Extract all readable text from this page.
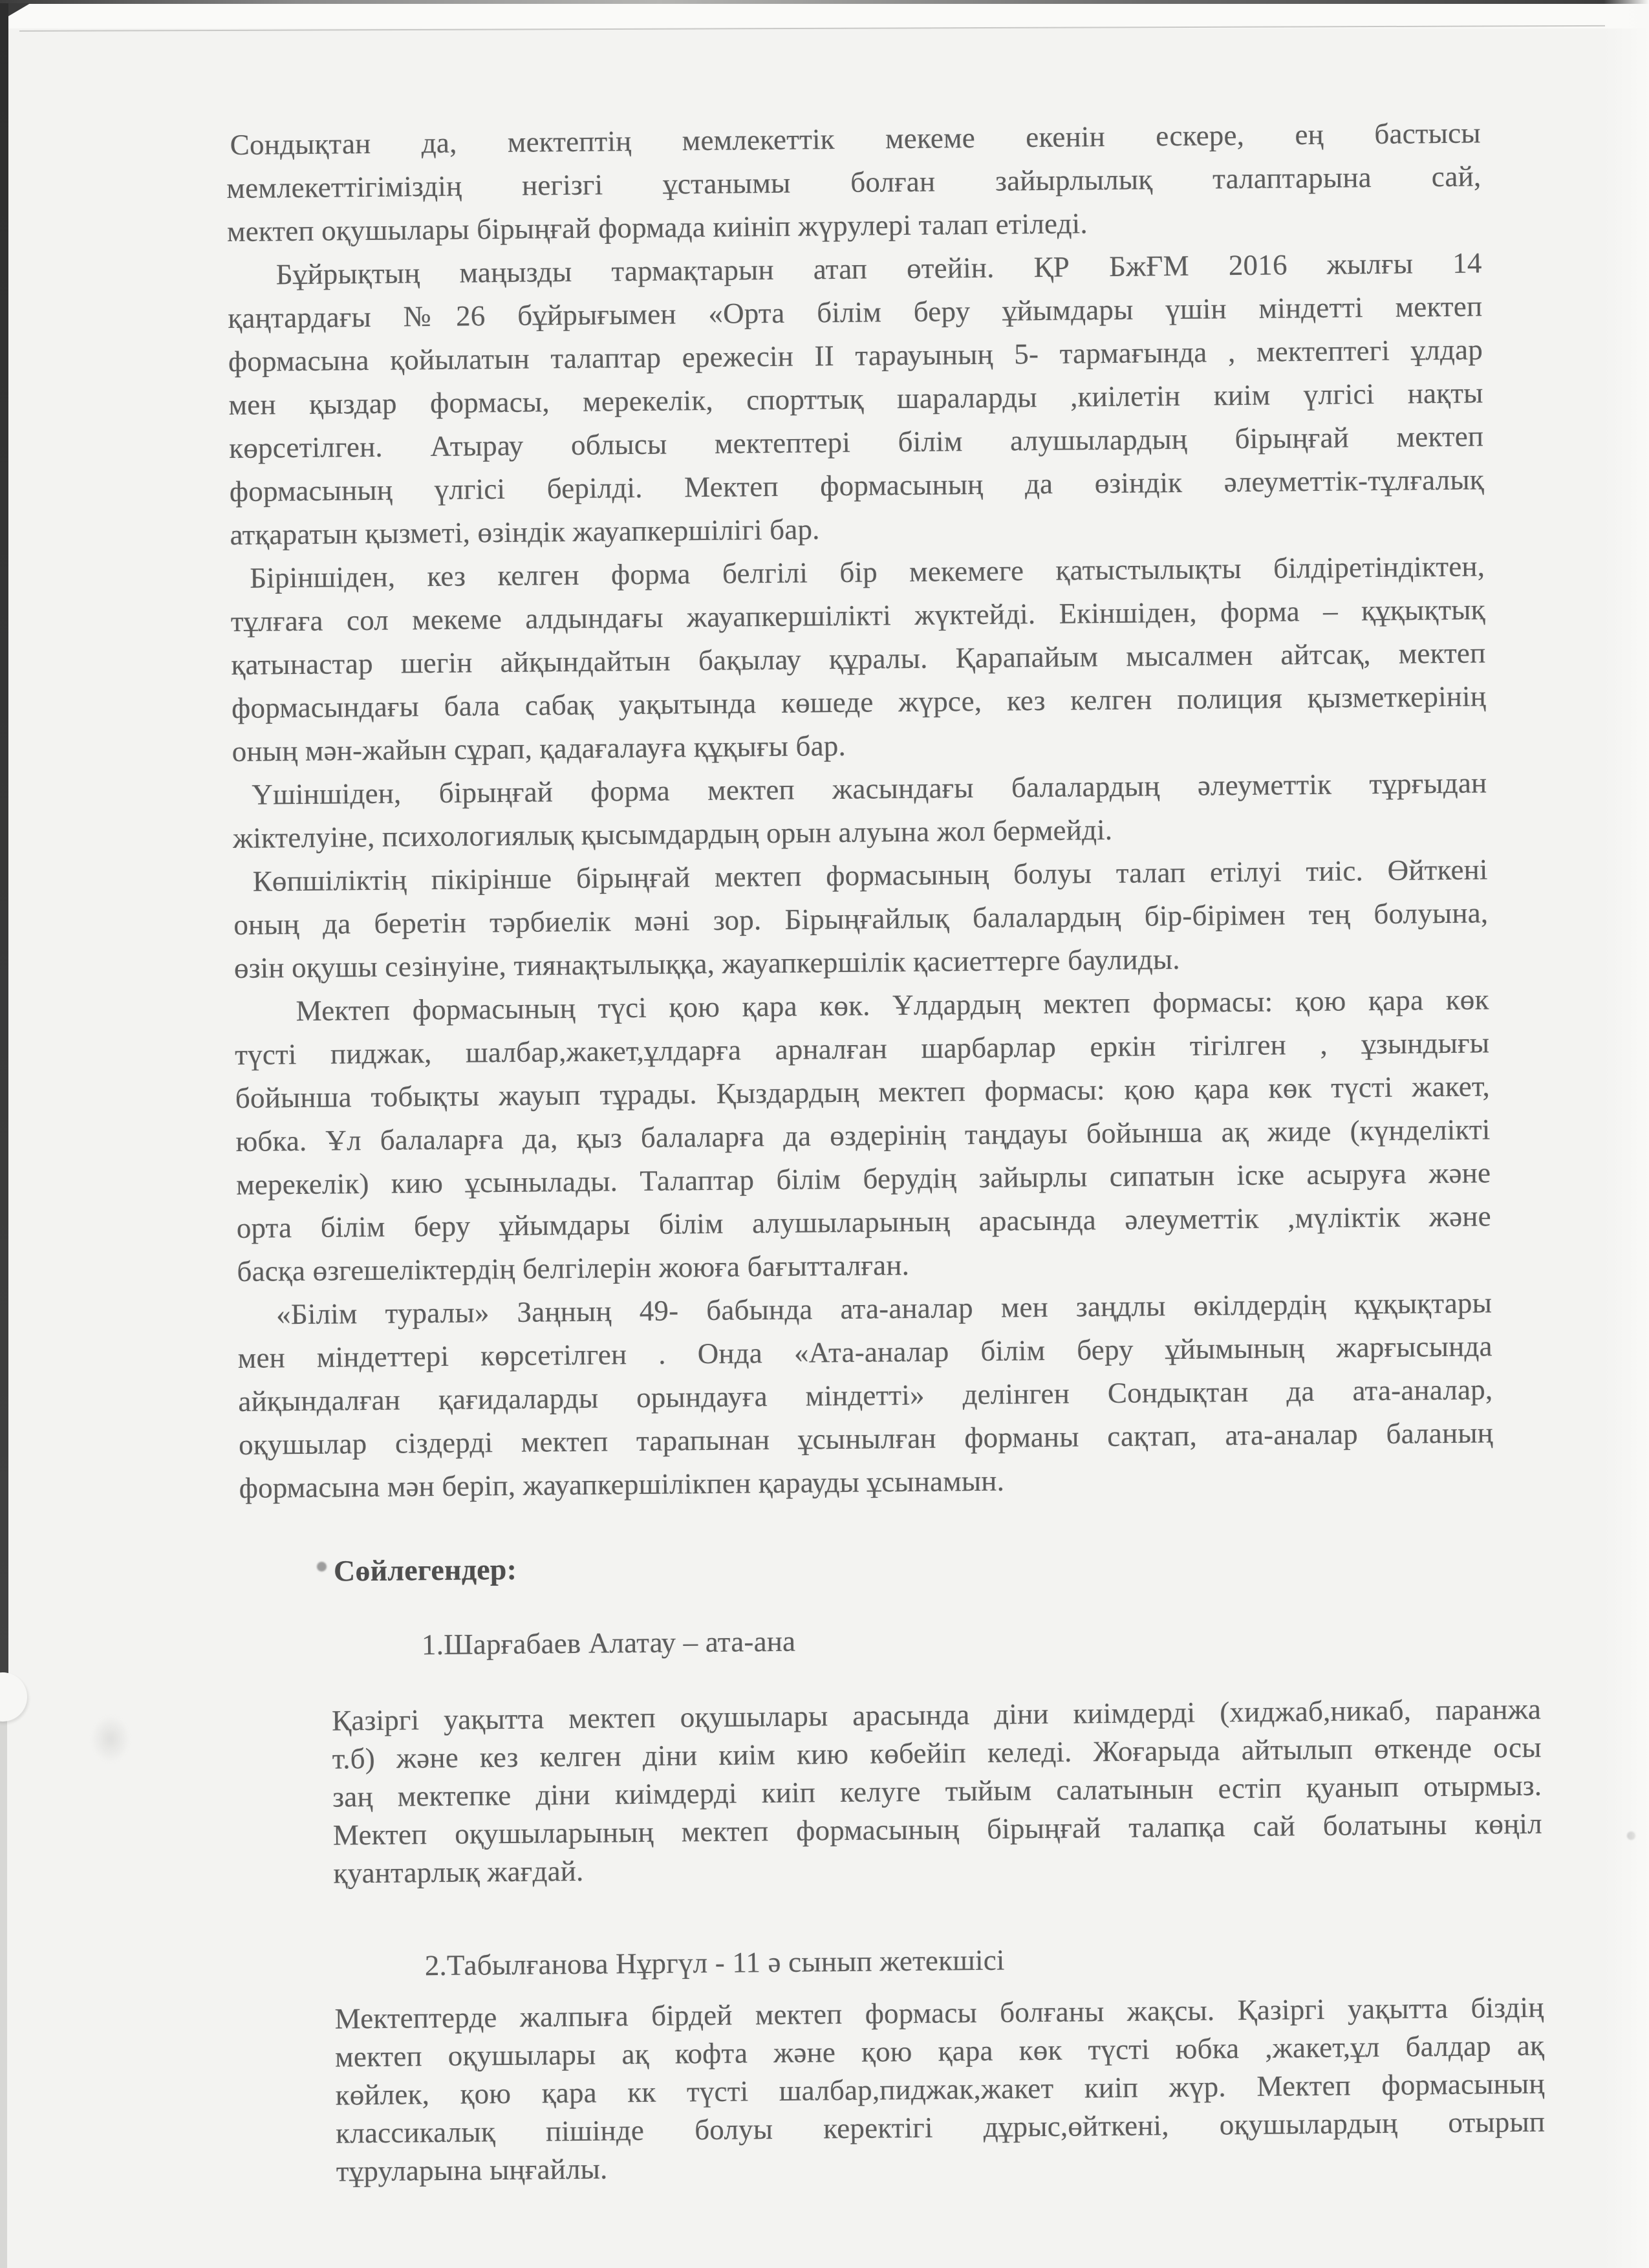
Сондықтан да, мектептің мемлекеттік мекеме екенін ескере, ең бастысы
мемлекеттігіміздің негізгі ұстанымы болған зайырлылық талаптарына сай,
мектеп оқушылары бірыңғай формада киініп жүрулері талап етіледі.
Бұйрықтың маңызды тармақтарын атап өтейін. ҚР БжҒМ 2016 жылғы 14
қаңтардағы №26 бұйрығымен «Орта білім беру ұйымдары үшін міндетті мектеп
формасына қойылатын талаптар ережесін II тарауының 5- тармағында , мектептегі ұлдар
мен қыздар формасы, мерекелік, спорттық шараларды ,киілетін киім үлгісі нақты
көрсетілген. Атырау облысы мектептері білім алушылардың бірыңғай мектеп
формасының үлгісі берілді. Мектеп формасының да өзіндік әлеуметтік-тұлғалық
атқаратын қызметі, өзіндік жауапкершілігі бар.
Біріншіден, кез келген форма белгілі бір мекемеге қатыстылықты білдіретіндіктен,
тұлғаға сол мекеме алдындағы жауапкершілікті жүктейді. Екіншіден, форма – құқықтық
қатынастар шегін айқындайтын бақылау құралы. Қарапайым мысалмен айтсақ, мектеп
формасындағы бала сабақ уақытында көшеде жүрсе, кез келген полиция қызметкерінің
оның мән-жайын сұрап, қадағалауға құқығы бар.
Үшіншіден, бірыңғай форма мектеп жасындағы балалардың әлеуметтік тұрғыдан
жіктелуіне, психологиялық қысымдардың орын алуына жол бермейді.
Көпшіліктің пікірінше бірыңғай мектеп формасының болуы талап етілуі тиіс. Өйткені
оның да беретін тәрбиелік мәні зор. Бірыңғайлық балалардың бір-бірімен тең болуына,
өзін оқушы сезінуіне, тиянақтылыққа, жауапкершілік қасиеттерге баулиды.
Мектеп формасының түсі қою қара көк. Ұлдардың мектеп формасы: қою қара көк
түсті пиджак, шалбар,жакет,ұлдарға арналған шарбарлар еркін тігілген , ұзындығы
бойынша тобықты жауып тұрады. Қыздардың мектеп формасы: қою қара көк түсті жакет,
юбка. Ұл балаларға да, қыз балаларға да өздерінің таңдауы бойынша ақ жиде (күнделікті
мерекелік) кию ұсынылады. Талаптар білім берудің зайырлы сипатын іске асыруға және
орта білім беру ұйымдары білім алушыларының арасында әлеуметтік ,мүліктік және
басқа өзгешеліктердің белгілерін жоюға бағытталған.
«Білім туралы» Заңның 49- бабында ата-аналар мен заңдлы өкілдердің құқықтары
мен міндеттері көрсетілген . Онда «Ата-аналар білім беру ұйымының жарғысында
айқындалған қағидаларды орындауға міндетті» делінген Сондықтан да ата-аналар,
оқушылар сіздерді мектеп тарапынан ұсынылған форманы сақтап, ата-аналар баланың
формасына мән беріп, жауапкершілікпен қарауды ұсынамын.
Сөйлегендер:
1.Шарғабаев Алатау – ата-ана
Қазіргі уақытта мектеп оқушылары арасында діни киімдерді (хиджаб,никаб, паранжа
т.б) және кез келген діни киім кию көбейіп келеді. Жоғарыда айтылып өткенде осы
заң мектепке діни киімдерді киіп келуге тыйым салатынын естіп қуанып отырмыз.
Мектеп оқушыларының мектеп формасының бірыңғай талапқа сай болатыны көңіл
қуантарлық жағдай.
2.Табылғанова Нұргүл - 11 ә сынып жетекшісі
Мектептерде жалпыға бірдей мектеп формасы болғаны жақсы. Қазіргі уақытта біздің
мектеп оқушылары ақ кофта және қою қара көк түсті юбка ,жакет,ұл балдар ақ
көйлек, қою қара кк түсті шалбар,пиджак,жакет киіп жүр. Мектеп формасының
классикалық пішінде болуы керектігі дұрыс,өйткені, оқушылардың отырып
тұруларына ыңғайлы.
